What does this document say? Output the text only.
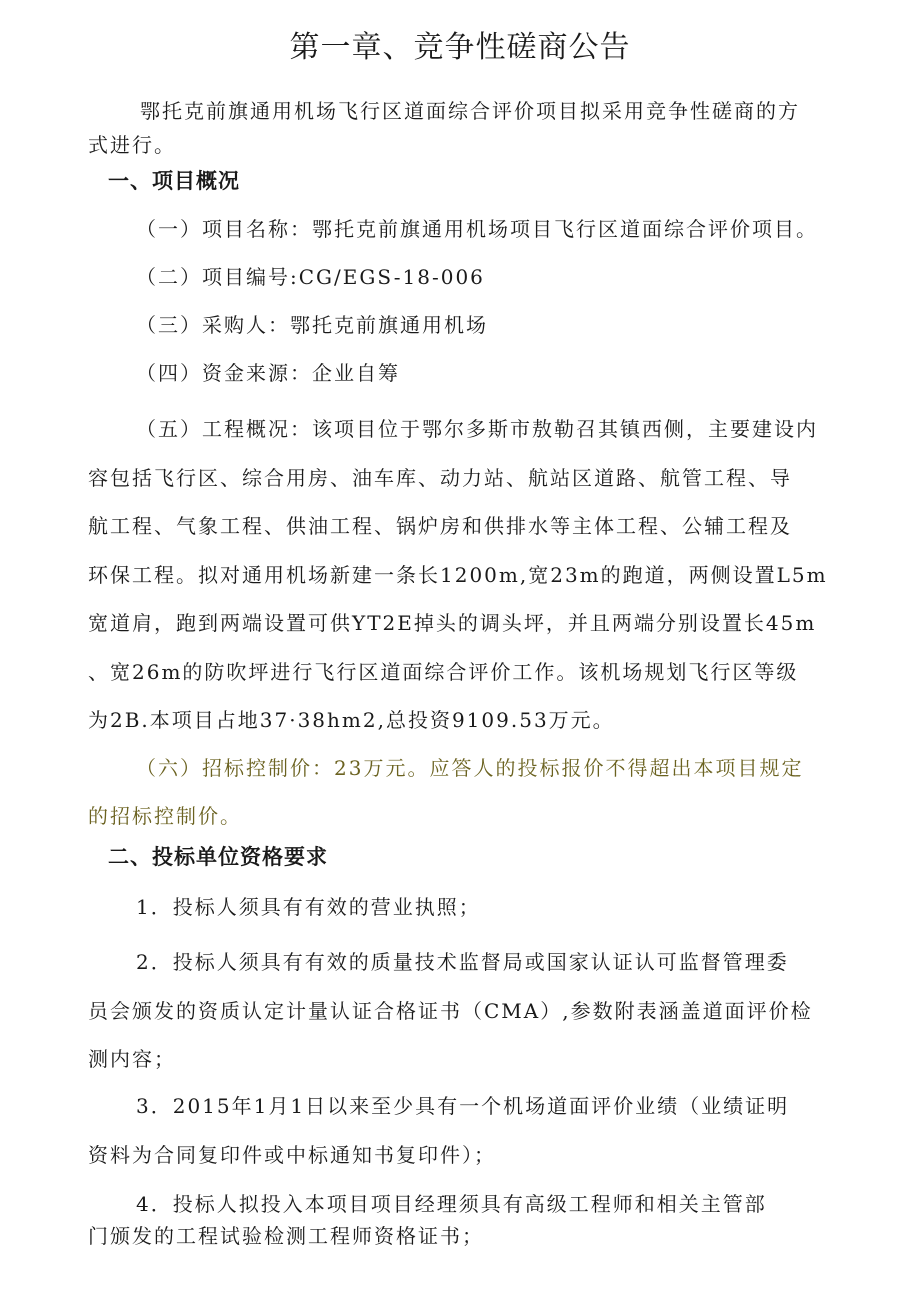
第一章、竞争性磋商公告
鄂托克前旗通用机场飞行区道面综合评价项目拟采用竞争性磋商的方
式进行。
一、项目概况
（一）项目名称：鄂托克前旗通用机场项目飞行区道面综合评价项目。
（二）项目编号:CG/EGS-18-006
（三）采购人：鄂托克前旗通用机场
（四）资金来源：企业自筹
（五）工程概况：该项目位于鄂尔多斯市敖勒召其镇西侧，主要建设内
容包括飞行区、综合用房、油车库、动力站、航站区道路、航管工程、导
航工程、气象工程、供油工程、锅炉房和供排水等主体工程、公辅工程及
环保工程。拟对通用机场新建一条长1200m,宽23m的跑道，两侧设置L5m
宽道肩，跑到两端设置可供YT2E掉头的调头坪，并且两端分别设置长45m
、宽26m的防吹坪进行飞行区道面综合评价工作。该机场规划飞行区等级
为2B.本项目占地37·38hm2,总投资9109.53万元。
（六）招标控制价：23万元。应答人的投标报价不得超出本项目规定
的招标控制价。
二、投标单位资格要求
1．投标人须具有有效的营业执照；
2．投标人须具有有效的质量技术监督局或国家认证认可监督管理委
员会颁发的资质认定计量认证合格证书（CMA）,参数附表涵盖道面评价检
测内容；
3．2015年1月1日以来至少具有一个机场道面评价业绩（业绩证明
资料为合同复印件或中标通知书复印件）；
4．投标人拟投入本项目项目经理须具有高级工程师和相关主管部
门颁发的工程试验检测工程师资格证书；
